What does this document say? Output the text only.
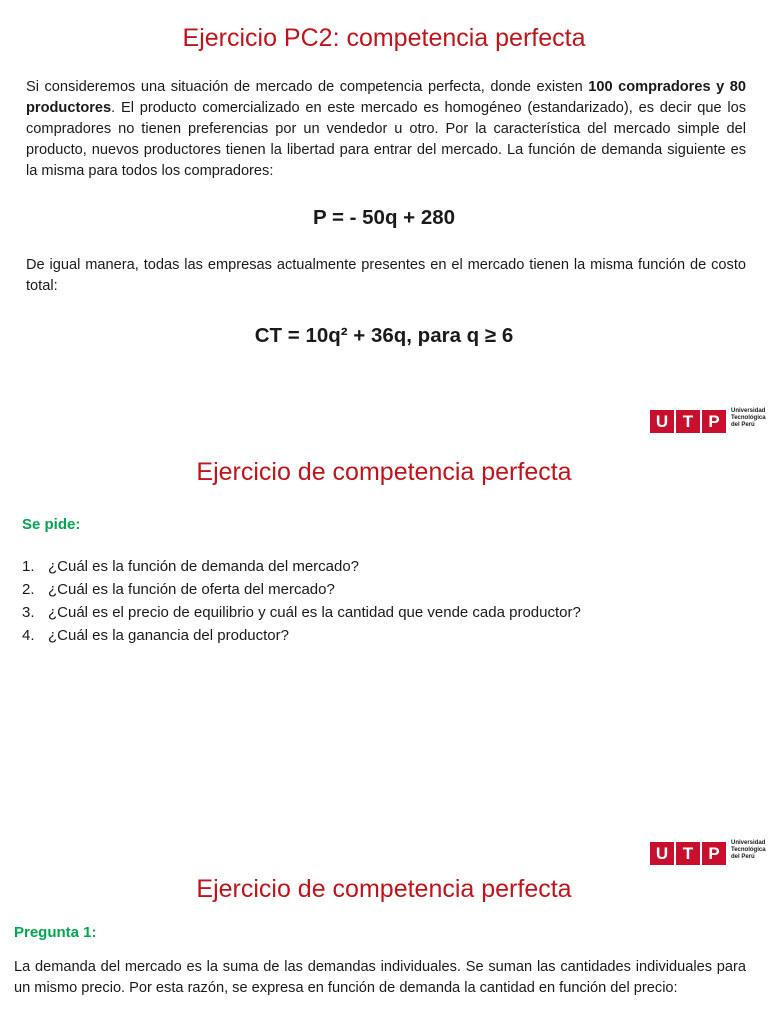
Ejercicio PC2: competencia perfecta

Si consideremos una situación de mercado de competencia perfecta, donde existen 100 compradores y 80 productores. El producto comercializado en este mercado es homogéneo (estandarizado), es decir que los compradores no tienen preferencias por un vendedor u otro. Por la característica del mercado simple del producto, nuevos productores tienen la libertad para entrar del mercado. La función de demanda siguiente es la misma para todos los compradores:

P = - 50q + 280

De igual manera, todas las empresas actualmente presentes en el mercado tienen la misma función de costo total:

CT = 10q² + 36q, para q ≥ 6

U T P
Universidad
Tecnológica
del Perú
Ejercicio de competencia perfecta

Se pide:

1. ¿Cuál es la función de demanda del mercado?
2. ¿Cuál es la función de oferta del mercado?
3. ¿Cuál es el precio de equilibrio y cuál es la cantidad que vende cada productor?
4. ¿Cuál es la ganancia del productor?
U T P
Universidad
Tecnológica
del Perú
Ejercicio de competencia perfecta

Pregunta 1:

La demanda del mercado es la suma de las demandas individuales. Se suman las cantidades individuales para un mismo precio. Por esta razón, se expresa en función de demanda la cantidad en función del precio:
